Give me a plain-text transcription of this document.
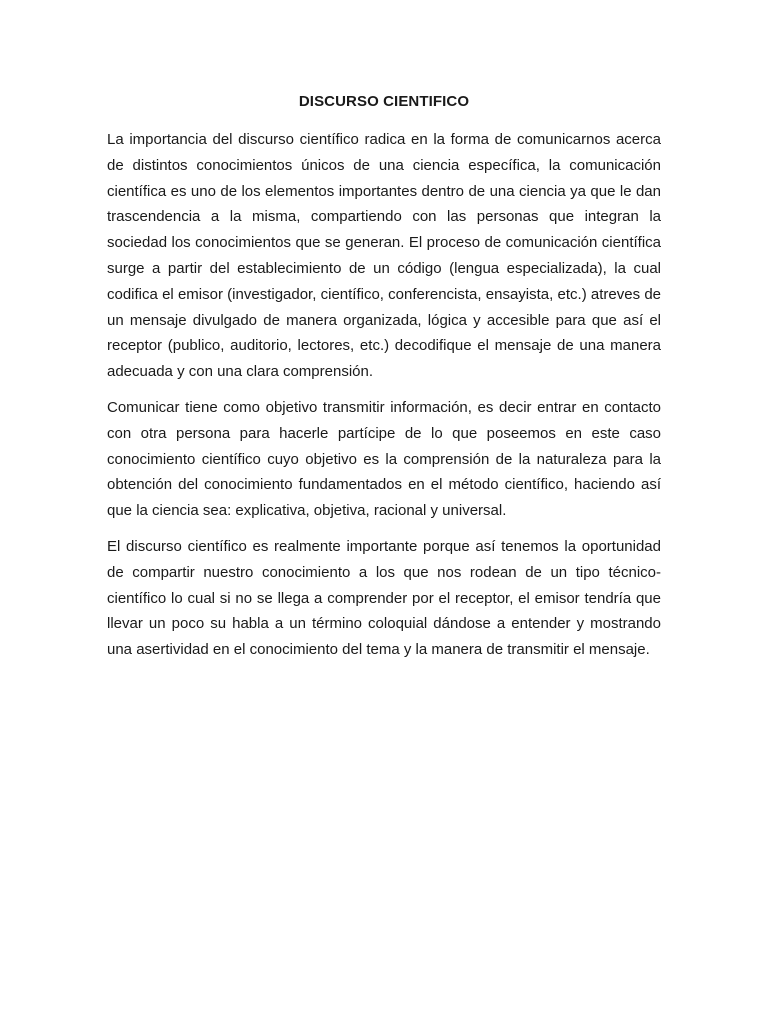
DISCURSO CIENTIFICO

La importancia del discurso científico radica en la forma de comunicarnos acerca de distintos conocimientos únicos de una ciencia específica, la comunicación científica es uno de los elementos importantes dentro de una ciencia ya que le dan trascendencia a la misma, compartiendo con las personas que integran la sociedad los conocimientos que se generan. El proceso de comunicación científica surge a partir del establecimiento de un código (lengua especializada), la cual codifica el emisor (investigador, científico, conferencista, ensayista, etc.) atreves de un mensaje divulgado de manera organizada, lógica y accesible para que así el receptor (publico, auditorio, lectores, etc.) decodifique el mensaje de una manera adecuada y con una clara comprensión.

Comunicar tiene como objetivo transmitir información, es decir entrar en contacto con otra persona para hacerle partícipe de lo que poseemos en este caso conocimiento científico cuyo objetivo es la comprensión de la naturaleza para la obtención del conocimiento fundamentados en el método científico, haciendo así que la ciencia sea: explicativa, objetiva, racional y universal.

El discurso científico es realmente importante porque así tenemos la oportunidad de compartir nuestro conocimiento a los que nos rodean de un tipo técnico-científico lo cual si no se llega a comprender por el receptor, el emisor tendría que llevar un poco su habla a un término coloquial dándose a entender y mostrando una asertividad en el conocimiento del tema y la manera de transmitir el mensaje.
